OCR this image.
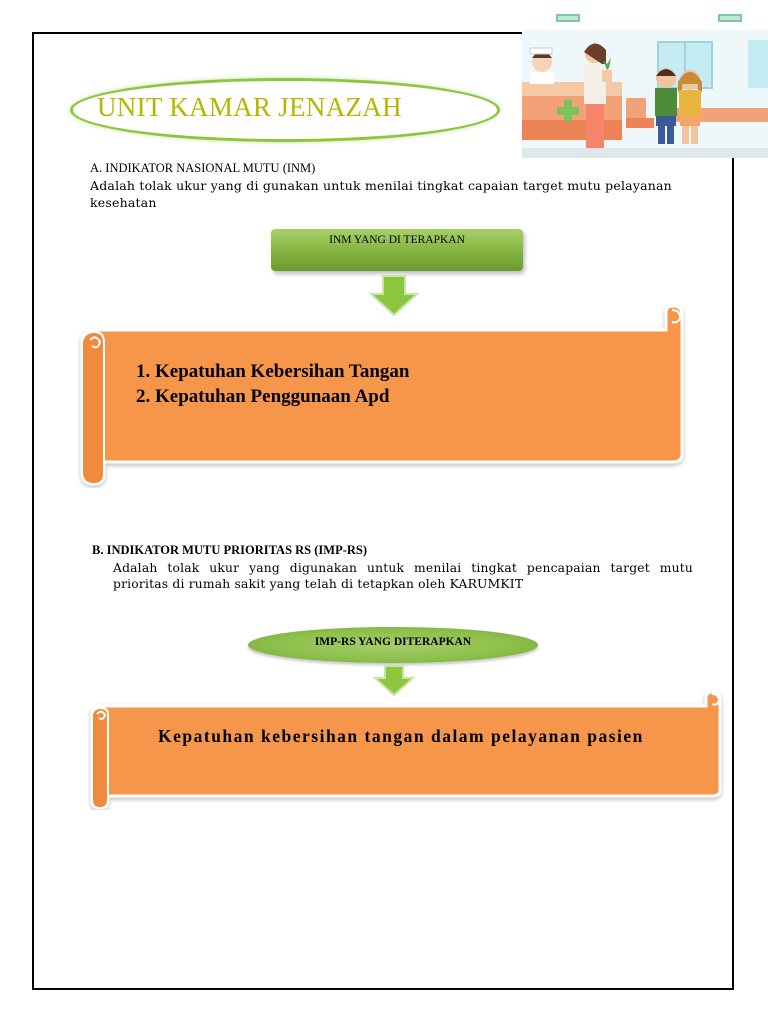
UNIT KAMAR JENAZAH
A. INDIKATOR NASIONAL MUTU (INM)
Adalah tolak ukur yang di gunakan untuk menilai tingkat capaian target mutu pelayanan kesehatan
INM YANG DI TERAPKAN
1. Kepatuhan Kebersihan Tangan
2. Kepatuhan Penggunaan Apd
B. INDIKATOR MUTU PRIORITAS RS (IMP-RS)
Adalah tolak ukur yang digunakan untuk menilai tingkat pencapaian target mutu prioritas di rumah sakit yang telah di tetapkan oleh KARUMKIT
IMP-RS YANG DITERAPKAN
Kepatuhan kebersihan tangan dalam pelayanan pasien
